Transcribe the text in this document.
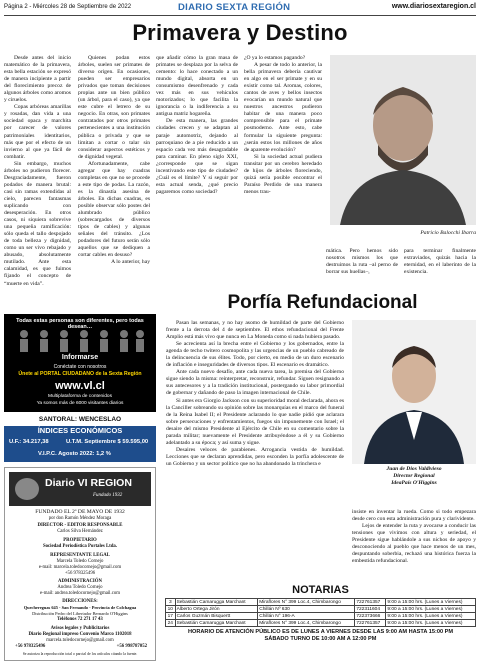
Página 2 - Miércoles 28 de Septiembre de 2022	DIARIO SEXTA REGIÓN	www.diariosextaregion.cl
Primavera y Destino

Desde antes del inicio matemático de la primavera, esta bella estación se expresó de manera incipiente a partir del florecimiento precoz de algunos árboles como aromos y ciruelos.

Copas arbóreas amarillas y rosadas, dan vida a una sociedad opaca y marchita por carecer de valores patrimoniales identitarios, más que por el efecto de un invierno al que ya fácil de combatir.

Sin embargo, muchos árboles no pudieron florecer. Desgraciadamente, fueron podados de manera brutal: casi sin ramas extendidas al cielo, parecen fantasmas suplicando con desesperación. En otros casos, ni siquiera sobrevive una pequeña ramificación: sólo queda el tallo despojado de toda belleza y dignidad, como un ser vivo rebajado y abusado, absolutamente mutilado. Ante esta calamidad, es que fuimos fijando el concepto de “muerte en vida”.

Quienes podan estos árboles, suelen ser primates de diverso origen. En ocasiones, pueden ser empresarios privados que toman decisiones propias ante un bien público (un árbol, para el caso), ya que este cubre el letrero de su negocio. En otras, son primates contratados por otros primates pertenecientes a una institución pública o privada y que se limitan a cortar o talar sin considerar aspectos estéticos y de dignidad vegetal.

Afortunadamente, cabe agregar que hay cuadras completas en que no se procede a este tipo de podas. La razón, es la dinastía asesina de árboles. En dichas cuadras, es posible observar sólo postes del alumbrado público (sobrecargados de diversos tipos de cables) y algunas señales del tránsito. ¿Los podadores del futuro serán sólo aquellos que se dediquen a cortar cables en desuso?

A lo anterior, hay

que añadir cómo la gran masa de primates se desplaza por la selva de cemento: lo hace conectado a un mundo digital, absorta en un consumismo desenfrenado y cada vez más en sus vehículos motorizados; lo que facilita la ignorancia o la indiferencia a su antigua matriz hogareña.

De esta manera, las grandes ciudades crecen y se adaptan al paraje automotriz, dejando al parroquiano de a pie reducido a un espacio cada vez más desagradable para caminar. En pleno siglo XXI, ¿corresponde que se sigan incentivando este tipo de ciudades? ¿Cuál es el límite? Y si seguir por esta actual senda, ¿qué precio pagaremos como sociedad?

¿O ya lo estamos pagando?

A pesar de todo lo anterior, la bella primavera debería cautivar en algo en el ser primate y en su existir como tal. Aromas, colores, cantos de aves y bellos insectos evocarían un mundo natural que nuestros ancestros pudieron habitar de una manera poco comprensible para el primate posmoderno. Ante esto, cabe formular la siguiente pregunta: ¿serán estos los millones de años de aparente evolución?

Si la sociedad actual pudiera transitar por un cerebro heredado de hijos de árboles floreciendo, quizá sería posible encontrar el Paraíso Perdido de una manera menos trau-

mática. Pero hemos sido nosotros mismos los que destruimos la ruta –al perno de borrar sus huellas–,

para terminar finalmente extraviados, quizás hacia la eternidad, en el laberinto de la existencia.

Patricio Balocchi Ibarra
Porfía Refundacional

Pasan las semanas, y no hay asomo de humildad de parte del Gobierno frente a la derrota del 4 de septiembre. El ethos refundacional del Frente Amplio está más vivo que nunca en La Moneda como si nada hubiera pasado.

Se acrecienta así la brecha entre el Gobierno y los gobernados, entre la agenda de techo twitero cosmopolita y las urgencias de un pueblo cabreado de la delincuencia de sus élites. Todo, por cierto, en medio de un duro escenario de inflación e inseguridades de diversos tipos. El escenario es dramático.

Ante cada nuevo desafío, ante cada nueva tarea, la premisa del Gobierno sigue siendo la misma: reinterpretar, reconstruir, refundar. Siguen resignando a sus antecesores y a la tradición institucional, postergando su labor primordial de gobernar y dañando de paso la imagen internacional de Chile.

Si antes era Giorgio Jackson con su superioridad moral declarada, ahora es la Canciller sobreando su opinión sobre las monarquías en el marco del funeral de la Reina Isabel II; el Presidente aclarando lo que nadie pidió que aclarara sobre persecuciones y enfrentamientos, fuegos sin impunemente con Israel; el desaire del mismo Presidente al Ejército de Chile en su comentario sobre la parada militar; nuevamente el Presidente atribuyéndose a él y su Gobierno adelantado a su época; y así suma y sigue.

Desaires veloces de parabienes. Arrogancia vestida de humildad. Lecciones que se declaran aprendidas, pero esconden la porfía adolescente de un Gobierno y un sector político que no ha abandonado la trinchera e

insiste en inventar la rueda. Como si todo empezara desde cero con esta administración pura y clarividente.

Lejos de entender la ruta y avocarse a conducir las tensiones que vivimos con altura y seriedad, el Presidente sigue hablándole a sus nichos de apoyo y desconociendo al pueblo que hace menos de un mes, despuntando soberbia, rechazó una histórica fuerza la embestida refundacional.

Juan de Dios Valdivieso
Director Regional
IdeaPaís O'Higgins
Todas estas personas son diferentes, pero todas desean…
Informarse
Conéctate con nosotros
Únete al PORTAL CIUDADANO de la Sexta Región
www.vl.cl
Multiplataforma de contenidos
Ya somos más de 6000 visitantes diarios
SANTORAL: WENCESLAO
ÍNDICES ECONÓMICOS
U.F.: 34.217,38	U.T.M. Septiembre $ 59.595,00
V.I.P.C. Agosto 2022: 1,2 %
Diario VI REGION
Fundado 1932
FUNDADO EL 2º DE MAYO DE 1932
por don Ramón Méndez Moraga
DIRECTOR - EDITOR RESPONSABLE
Carlos Silva Hernández
PROPIETARIO
Sociedad Periodística Portales Ltda.
REPRESENTANTE LEGAL
Marcela Toledo Cornejo
e-mail: marcela.toledocornejo@gmail.com
+56 978325496
ADMINISTRACIÓN
Andrea Toledo Cornejo
e-mail: andrea.toledocornejo@gmail.com
DIRECCIONES:
Quechereguas 645 - San Fernando - Provincia de Colchagua
Distribución Pedro del Libertador Bernardo O'Higgins
Teléfonos 72 271 17 43
Avisos legales y Publicitarios
Diario Regional impreso Convenio Marco 1102018
marcela.toledocornejo@gmail.com
+56 978325496	+56 998787052
Se autoriza la reproducción total o parcial de los artículos citando la fuente.
NOTARIAS
3	Sebastián Camarugga Marchant	Miraflores N° 399 Loc.4, Chimbarongo	722761357	9:00 a 15:00 hrs. (Lunes a Viernes)
10	Alberto Ortega Jirón	Chillán Nº 630	722311604	9:00 a 15:00 hrs. (Lunes a Viernes)
17	Carlos Guzmán Bisquertt	Chillán N° 196-A	722373666	9:00 a 15:00 hrs. (Lunes a Viernes)
24	Sebastián Camarugga Marchant	Miraflores N° 399 Loc.4, Chimbarongo	722761357	9:00 a 15:00 hrs. (Lunes a Viernes)
HORARIO DE ATENCIÓN PÚBLICO ES DE LUNES A VIERNES DESDE LAS 9:00 AM HASTA 15:00 PM
SÁBADO TURNO DE 10:00 AM A 12:00 PM
